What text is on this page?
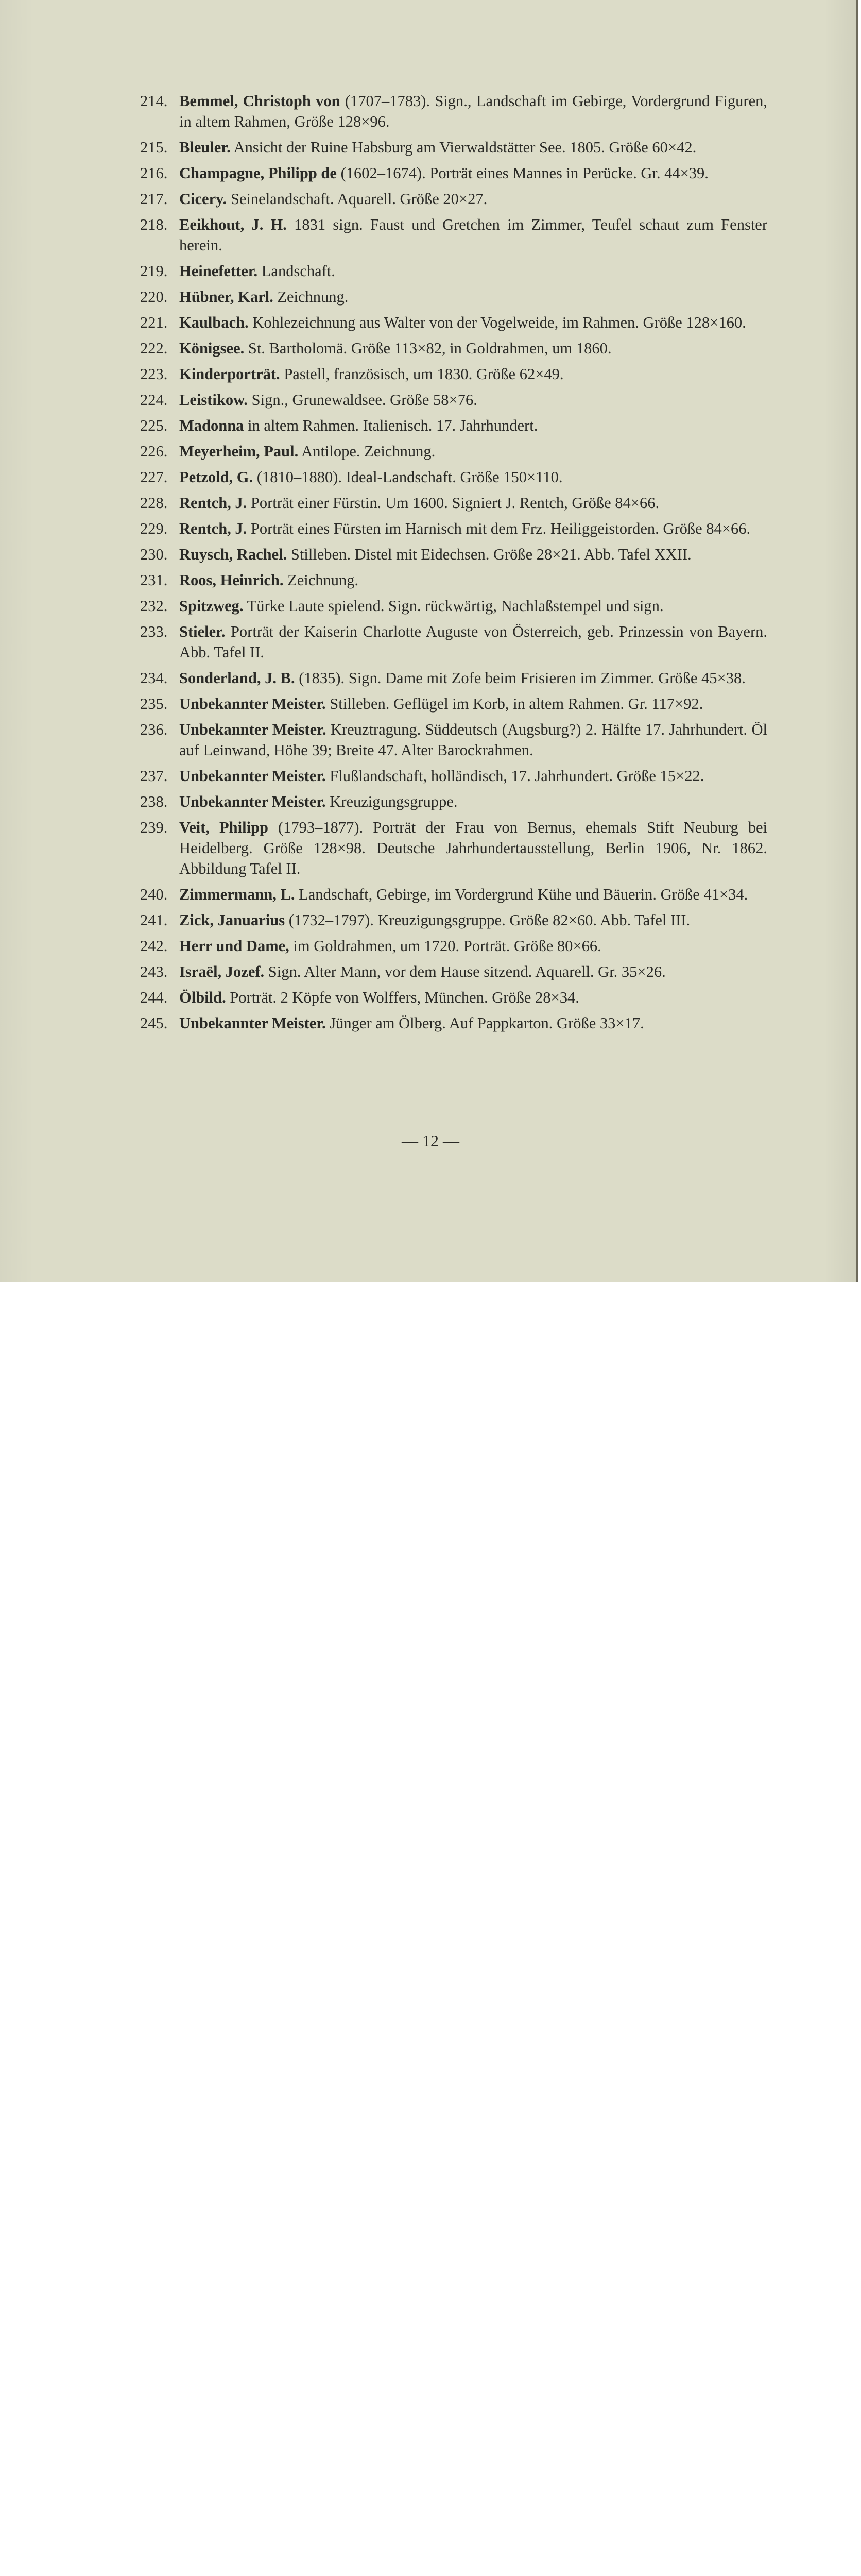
214. Bemmel, Christoph von (1707–1783). Sign., Landschaft im Gebirge, Vordergrund Figuren, in altem Rahmen, Größe 128×96.
215. Bleuler. Ansicht der Ruine Habsburg am Vierwaldstätter See. 1805. Größe 60×42.
216. Champagne, Philipp de (1602–1674). Porträt eines Mannes in Perücke. Gr. 44×39.
217. Cicery. Seinelandschaft. Aquarell. Größe 20×27.
218. Eeikhout, J. H. 1831 sign. Faust und Gretchen im Zimmer, Teufel schaut zum Fenster herein.
219. Heinefetter. Landschaft.
220. Hübner, Karl. Zeichnung.
221. Kaulbach. Kohlezeichnung aus Walter von der Vogelweide, im Rahmen. Größe 128×160.
222. Königsee. St. Bartholomä. Größe 113×82, in Goldrahmen, um 1860.
223. Kinderporträt. Pastell, französisch, um 1830. Größe 62×49.
224. Leistikow. Sign., Grunewaldsee. Größe 58×76.
225. Madonna in altem Rahmen. Italienisch. 17. Jahrhundert.
226. Meyerheim, Paul. Antilope. Zeichnung.
227. Petzold, G. (1810–1880). Ideal-Landschaft. Größe 150×110.
228. Rentch, J. Porträt einer Fürstin. Um 1600. Signiert J. Rentch, Größe 84×66.
229. Rentch, J. Porträt eines Fürsten im Harnisch mit dem Frz. Heiliggeistorden. Größe 84×66.
230. Ruysch, Rachel. Stilleben. Distel mit Eidechsen. Größe 28×21. Abb. Tafel XXII.
231. Roos, Heinrich. Zeichnung.
232. Spitzweg. Türke Laute spielend. Sign. rückwärtig, Nachlaßstempel und sign.
233. Stieler. Porträt der Kaiserin Charlotte Auguste von Österreich, geb. Prinzessin von Bayern. Abb. Tafel II.
234. Sonderland, J. B. (1835). Sign. Dame mit Zofe beim Frisieren im Zimmer. Größe 45×38.
235. Unbekannter Meister. Stilleben. Geflügel im Korb, in altem Rahmen. Gr. 117×92.
236. Unbekannter Meister. Kreuztragung. Süddeutsch (Augsburg?) 2. Hälfte 17. Jahrhundert. Öl auf Leinwand, Höhe 39; Breite 47. Alter Barockrahmen.
237. Unbekannter Meister. Flußlandschaft, holländisch, 17. Jahrhundert. Größe 15×22.
238. Unbekannter Meister. Kreuzigungsgruppe.
239. Veit, Philipp (1793–1877). Porträt der Frau von Bernus, ehemals Stift Neuburg bei Heidelberg. Größe 128×98. Deutsche Jahrhundertausstellung, Berlin 1906, Nr. 1862. Abbildung Tafel II.
240. Zimmermann, L. Landschaft, Gebirge, im Vordergrund Kühe und Bäuerin. Größe 41×34.
241. Zick, Januarius (1732–1797). Kreuzigungsgruppe. Größe 82×60. Abb. Tafel III.
242. Herr und Dame, im Goldrahmen, um 1720. Porträt. Größe 80×66.
243. Israël, Jozef. Sign. Alter Mann, vor dem Hause sitzend. Aquarell. Gr. 35×26.
244. Ölbild. Porträt. 2 Köpfe von Wolffers, München. Größe 28×34.
245. Unbekannter Meister. Jünger am Ölberg. Auf Pappkarton. Größe 33×17.
— 12 —
